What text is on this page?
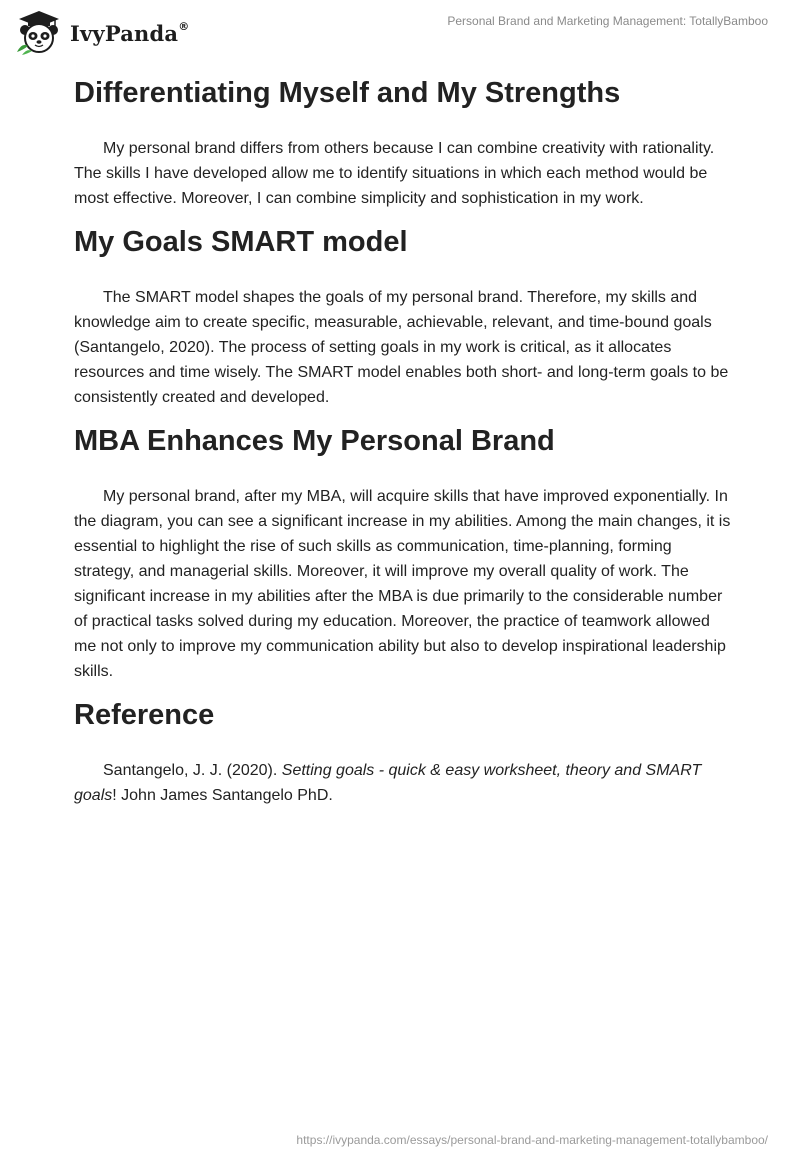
IvyPanda®	Personal Brand and Marketing Management: TotallyBamboo
Differentiating Myself and My Strengths

My personal brand differs from others because I can combine creativity with rationality. The skills I have developed allow me to identify situations in which each method would be most effective. Moreover, I can combine simplicity and sophistication in my work.

My Goals SMART model

The SMART model shapes the goals of my personal brand. Therefore, my skills and knowledge aim to create specific, measurable, achievable, relevant, and time-bound goals (Santangelo, 2020). The process of setting goals in my work is critical, as it allocates resources and time wisely. The SMART model enables both short- and long-term goals to be consistently created and developed.

MBA Enhances My Personal Brand

My personal brand, after my MBA, will acquire skills that have improved exponentially. In the diagram, you can see a significant increase in my abilities. Among the main changes, it is essential to highlight the rise of such skills as communication, time-planning, forming strategy, and managerial skills. Moreover, it will improve my overall quality of work. The significant increase in my abilities after the MBA is due primarily to the considerable number of practical tasks solved during my education. Moreover, the practice of teamwork allowed me not only to improve my communication ability but also to develop inspirational leadership skills.

Reference

Santangelo, J. J. (2020). Setting goals - quick & easy worksheet, theory and SMART goals! John James Santangelo PhD.

https://ivypanda.com/essays/personal-brand-and-marketing-management-totallybamboo/
